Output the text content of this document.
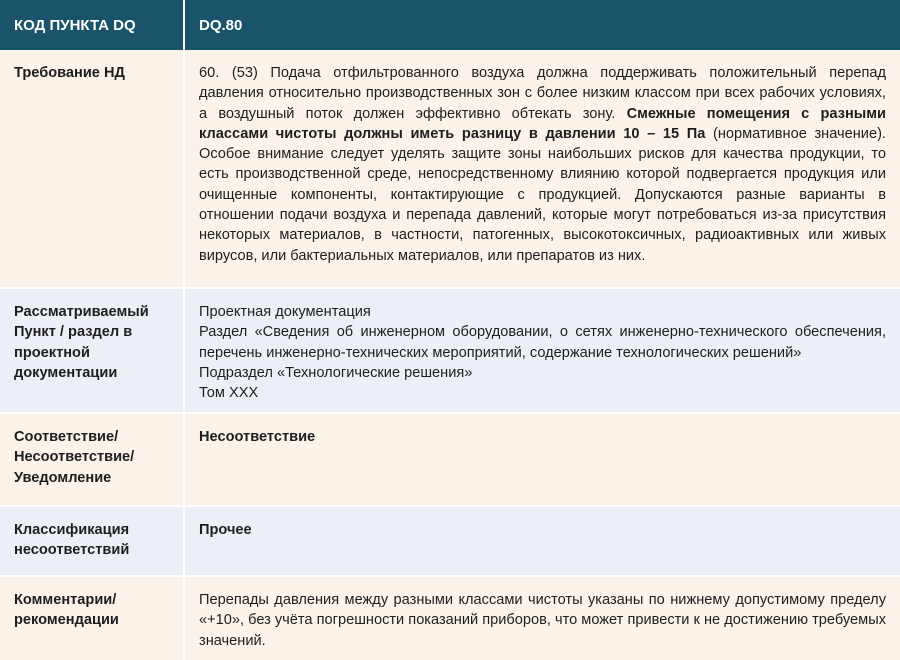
КОД ПУНКТА DQ	DQ.80
Требование НД	60. (53) Подача отфильтрованного воздуха должна поддерживать положительный перепад давления относительно производственных зон с более низким классом при всех рабочих условиях, а воздушный поток должен эффективно обтекать зону. Смежные помещения с разными классами чистоты должны иметь разницу в давлении 10 – 15 Па (нормативное значение). Особое внимание следует уделять защите зоны наибольших рисков для качества продукции, то есть производственной среде, непосредственному влиянию которой подвергается продукция или очищенные компоненты, контактирующие с продукцией. Допускаются разные варианты в отношении подачи воздуха и перепада давлений, которые могут потребоваться из-за присутствия некоторых материалов, в частности, патогенных, высокотоксичных, радиоактивных или живых вирусов, или бактериальных материалов, или препаратов из них.
Рассматриваемый Пункт / раздел в проектной документации	Проектная документация
Раздел «Сведения об инженерном оборудовании, о сетях инженерно-технического обеспечения, перечень инженерно-технических мероприятий, содержание технологических решений»
Подраздел «Технологические решения»
Том XXX

Соответствие/ Несоответствие/ Уведомление	Несоответствие
Классификация несоответствий	Прочее
Комментарии/ рекомендации	Перепады давления между разными классами чистоты указаны по нижнему допустимому пределу «+10», без учёта погрешности показаний приборов, что может привести к не достижению требуемых значений.
